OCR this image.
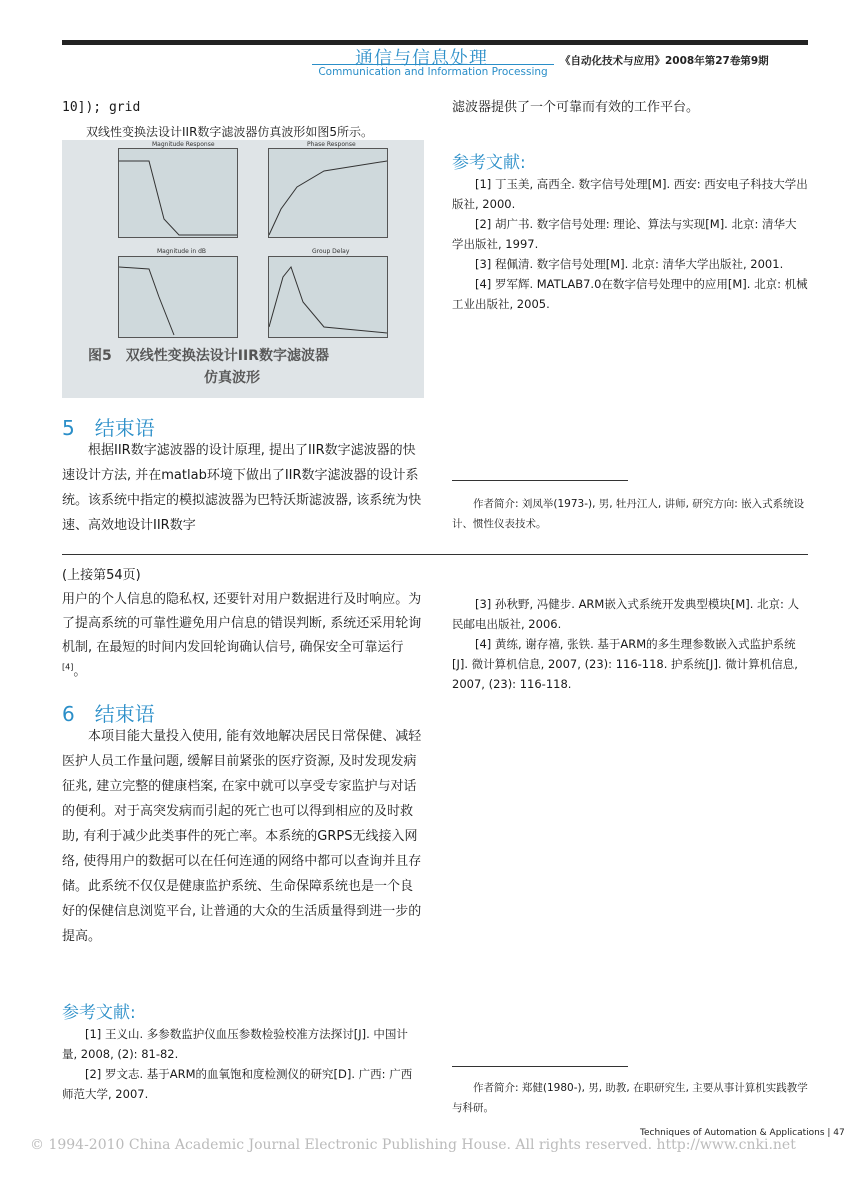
通信与信息处理
Communication and Information Processing
《自动化技术与应用》2008年第27卷第9期
10]); grid
双线性变换法设计IIR数字滤波器仿真波形如图5所示。
Magnitude Response	Phase Response
Magnitude in dB	Group Delay
图5　双线性变换法设计IIR数字滤波器
仿真波形
5　结束语
根据IIR数字滤波器的设计原理, 提出了IIR数字滤波器的快速设计方法, 并在matlab环境下做出了IIR数字滤波器的设计系统。该系统中指定的模拟滤波器为巴特沃斯滤波器, 该系统为快速、高效地设计IIR数字
滤波器提供了一个可靠而有效的工作平台。
参考文献:
[1] 丁玉美, 高西全. 数字信号处理[M]. 西安: 西安电子科技大学出版社, 2000.
[2] 胡广书. 数字信号处理: 理论、算法与实现[M]. 北京: 清华大学出版社, 1997.
[3] 程佩清. 数字信号处理[M]. 北京: 清华大学出版社, 2001.
[4] 罗军辉. MATLAB7.0在数字信号处理中的应用[M]. 北京: 机械工业出版社, 2005.
作者简介: 刘凤举(1973-), 男, 牡丹江人, 讲师, 研究方向: 嵌入式系统设计、惯性仪表技术。
(上接第54页)
用户的个人信息的隐私权, 还要针对用户数据进行及时响应。为了提高系统的可靠性避免用户信息的错误判断, 系统还采用轮询机制, 在最短的时间内发回轮询确认信号, 确保安全可靠运行[4]。
6　结束语
本项目能大量投入使用, 能有效地解决居民日常保健、减轻医护人员工作量问题, 缓解目前紧张的医疗资源, 及时发现发病征兆, 建立完整的健康档案, 在家中就可以享受专家监护与对话的便利。对于高突发病而引起的死亡也可以得到相应的及时救助, 有利于减少此类事件的死亡率。本系统的GRPS无线接入网络, 使得用户的数据可以在任何连通的网络中都可以查询并且存储。此系统不仅仅是健康监护系统、生命保障系统也是一个良好的保健信息浏览平台, 让普通的大众的生活质量得到进一步的提高。
参考文献:
[1] 王义山. 多参数监护仪血压参数检验校准方法探讨[J]. 中国计量, 2008, (2): 81-82.
[2] 罗文志. 基于ARM的血氧饱和度检测仪的研究[D]. 广西: 广西师范大学, 2007.
[3] 孙秋野, 冯健步. ARM嵌入式系统开发典型模块[M]. 北京: 人民邮电出版社, 2006.
[4] 黄练, 谢存禧, 张铁. 基于ARM的多生理参数嵌入式监护系统[J]. 微计算机信息, 2007, (23): 116-118. 护系统[J]. 微计算机信息, 2007, (23): 116-118.
作者简介: 郑健(1980-), 男, 助教, 在职研究生, 主要从事计算机实践教学与科研。
Techniques of Automation & Applications | 47
© 1994-2010 China Academic Journal Electronic Publishing House. All rights reserved. http://www.cnki.net
